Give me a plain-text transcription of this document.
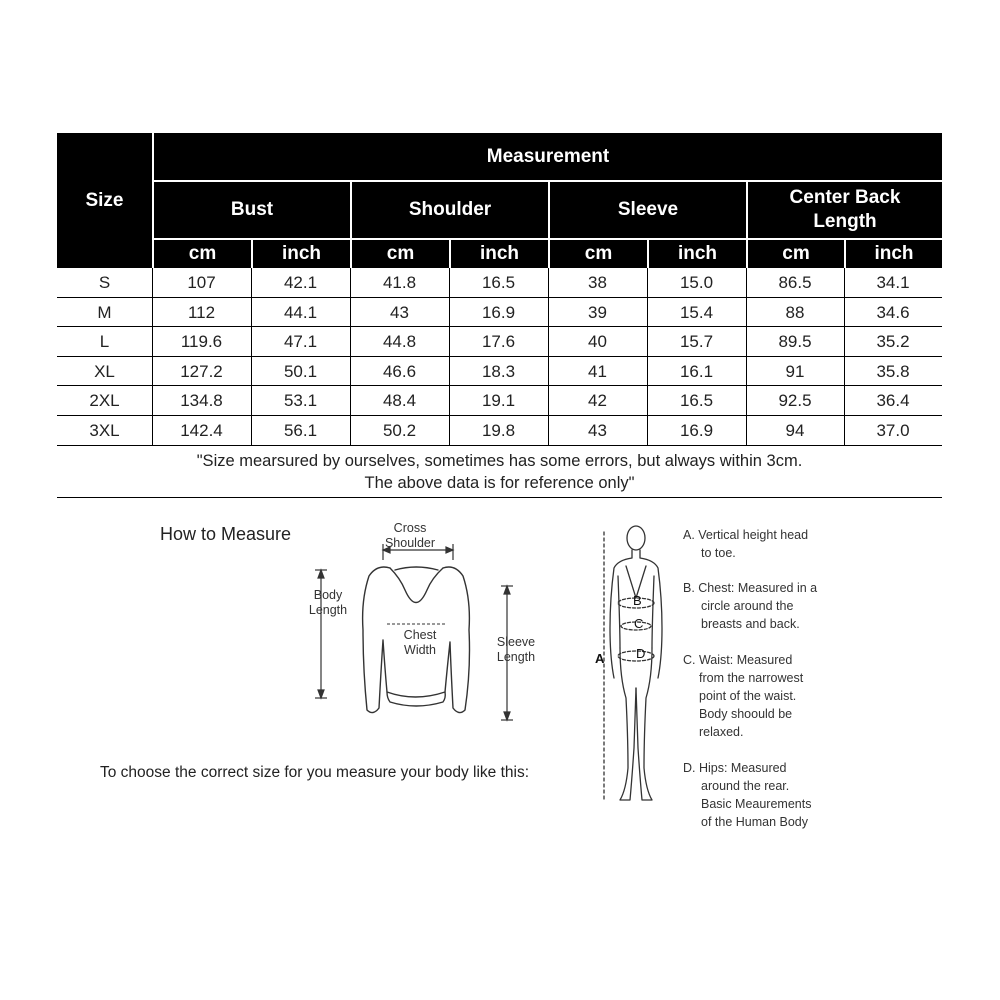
Size
Measurement
Bust	Shoulder	Sleeve
Center Back Length
cm	inch	cm	inch	cm	inch	cm	inch
S	107	42.1	41.8	16.5	38	15.0	86.5	34.1
M	112	44.1	43	16.9	39	15.4	88	34.6
L	119.6	47.1	44.8	17.6	40	15.7	89.5	35.2
XL	127.2	50.1	46.6	18.3	41	16.1	91	35.8
2XL	134.8	53.1	48.4	19.1	42	16.5	92.5	36.4
3XL	142.4	56.1	50.2	19.8	43	16.9	94	37.0
"Size mearsured by ourselves, sometimes has some errors, but always within 3cm.
The above data is for reference only"
How to Measure	Cross
Shoulder
Body
Length
Chest
Width
Sleeve
Length
To choose the correct size for you measure your body like this:
A
B
C
D
A. Vertical height head
to toe.
B. Chest: Measured in a
circle around the
breasts and back.
C. Waist: Measured
from the narrowest
point of the waist.
Body shoould be
relaxed.
D. Hips: Measured
around the rear.
Basic Meaurements
of the Human Body
